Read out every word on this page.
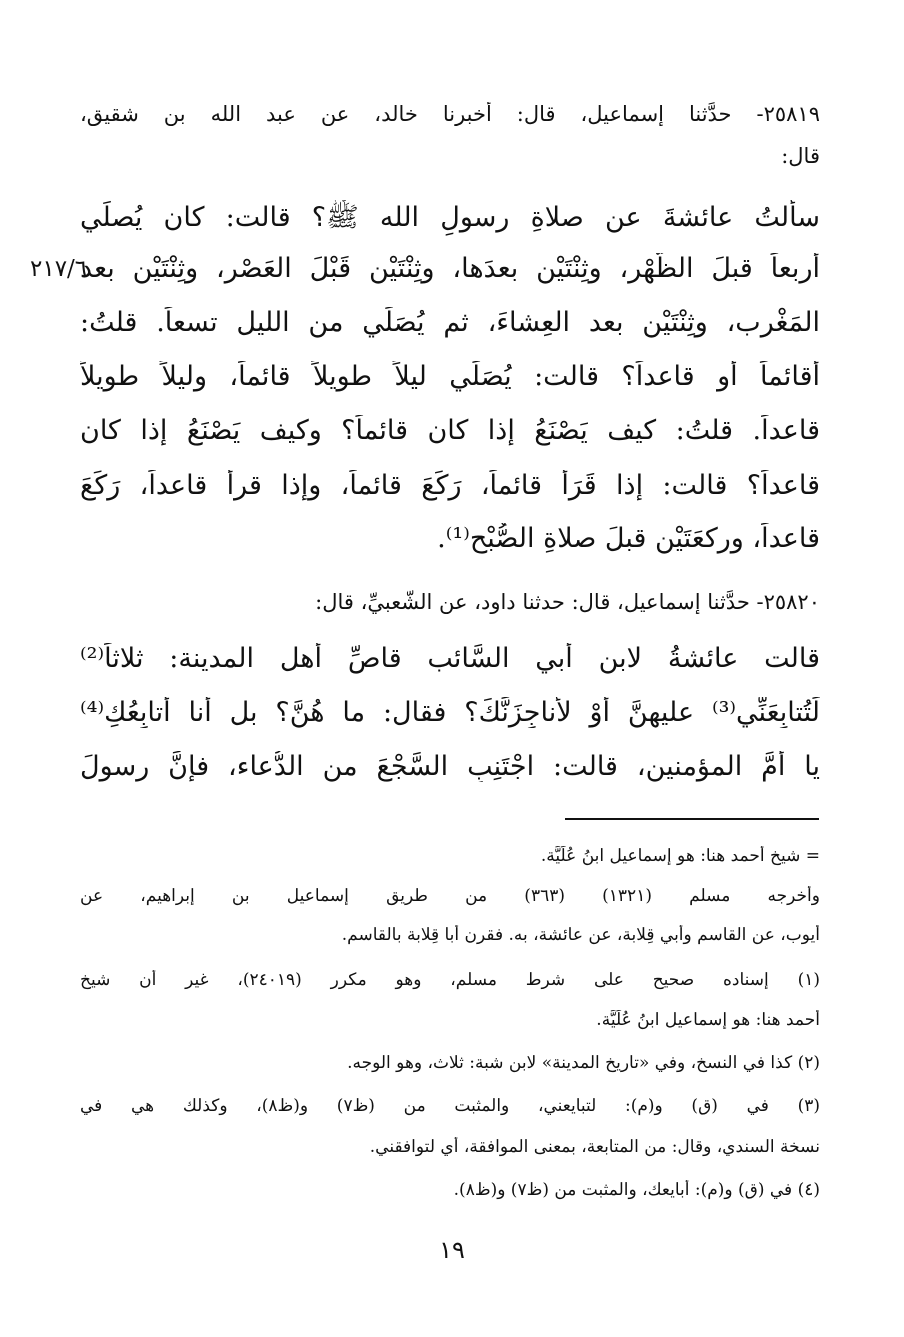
٢٥٨١٩- حدَّثنا إسماعيل، قال: أخبرنا خالد، عن عبد الله بن شقيق،
قال:
سألتُ عائشةَ عن صلاةِ رسولِ الله ﷺ؟ قالت: كان يُصلِّي
أربعاً قبلَ الظُّهْر، وثِنْتَيْنِ بعدَها، وثِنْتَيْنِ قَبْلَ العَصْرِ، وثِنْتَيْنِ بعد
المَغْرِب، وثِنْتَيْنِ بعد العِشاءَ، ثم يُصَلِّي من الليل تسعاً. قلتُ:
أقائماً أو قاعداً؟ قالت: يُصَلِّي ليلاً طويلاً قائماً، وليلاً طويلاً
قاعداً. قلتُ: كيف يَصْنَعُ إذا كان قائماً؟ وكيف يَصْنَعُ إذا كان
قاعداً؟ قالت: إذا قَرَأَ قائماً، رَكَعَ قائماً، وإذا قرأ قاعداً، رَكَعَ
قاعداً، وركعَتَيْنِ قبلَ صلاةِ الصُّبْح⁽¹⁾.
٢٥٨٢٠- حدَّثنا إسماعيل، قال: حدثنا داود، عن الشَّعبيِّ، قال:
قالت عائشةُ لابن أبي السَّائب قاصِّ أهل المدينة: ثلاثاً⁽²⁾
لَتُتابِعَنِّي⁽³⁾ عليهنَّ أَوْ لأُناجِزَنَّكَ؟ فقال: ما هُنَّ؟ بل أنا أُتابِعُكِ⁽⁴⁾
يا أمَّ المؤمنين، قالت: اجْتَنِبِ السَّجْعَ من الدُّعاء، فإنَّ رسولَ
٢١٧/٦
= شيخ أحمد هنا: هو إسماعيل ابنُ عُلَيَّة.
وأخرجه مسلم (١٣٢١) (٣٦٣) من طريق إسماعيل بن إبراهيم، عن
أيوب، عن القاسم وأبي قِلابة، عن عائشة، به. فقرن أبا قِلابة بالقاسم.
(١) إسناده صحيح على شرط مسلم، وهو مكرر (٢٤٠١٩)، غير أن شيخ
أحمد هنا: هو إسماعيل ابنُ عُلَيَّة.
(٢) كذا في النسخ، وفي «تاريخ المدينة» لابن شبة: ثلاث، وهو الوجه.
(٣) في (ق) و(م): لتبايعني، والمثبت من (ظ٧) و(ظ٨)، وكذلك هي في
نسخة السندي، وقال: من المتابعة، بمعنى الموافقة، أي لتوافقني.
(٤) في (ق) و(م): أبايعك، والمثبت من (ظ٧) و(ظ٨).
١٩
